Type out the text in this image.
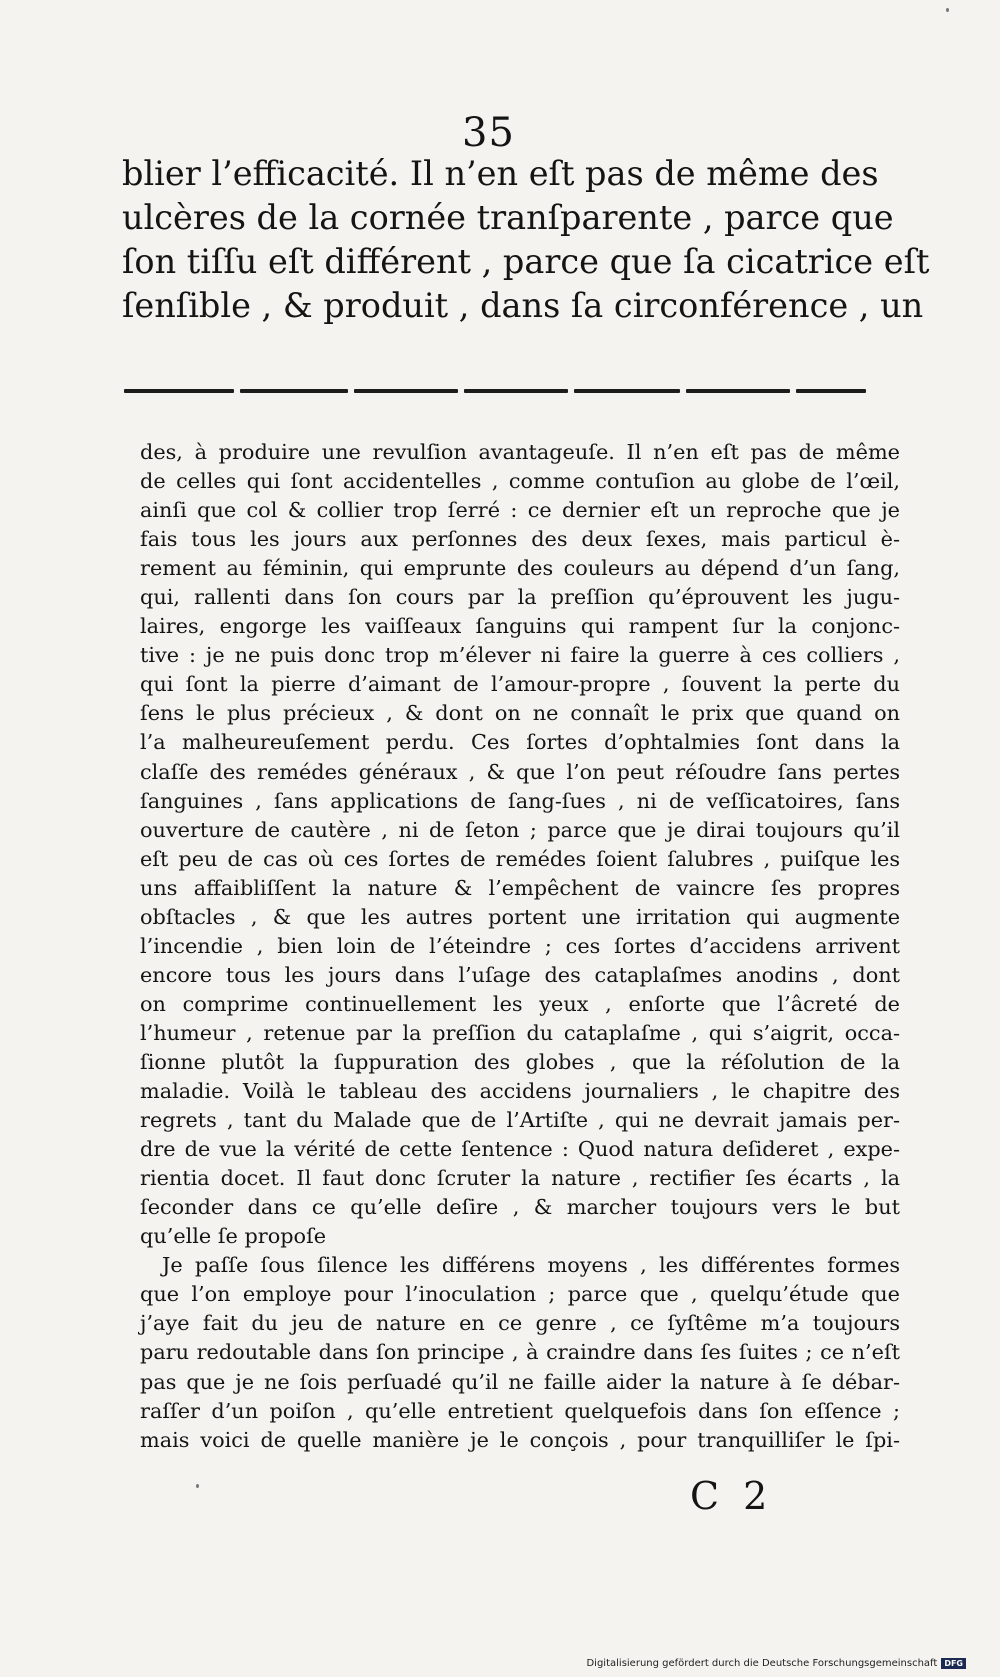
35
blier l’efficacité. Il n’en eſt pas de même des
ulcères de la cornée tranſparente , parce que
ſon tiſſu eſt différent , parce que ſa cicatrice eſt
ſenſible , & produit , dans ſa circonférence , un
des, à produire une revulſion avantageuſe. Il n’en eſt pas de même
de celles qui ſont accidentelles , comme contuſion au globe de l’œil,
ainſi que col & collier trop ſerré : ce dernier eſt un reproche que je
fais tous les jours aux perſonnes des deux ſexes, mais particul è-
rement au féminin, qui emprunte des couleurs au dépend d’un ſang,
qui, rallenti dans ſon cours par la preſſion qu’éprouvent les jugu-
laires, engorge les vaiſſeaux ſanguins qui rampent ſur la conjonc-
tive : je ne puis donc trop m’élever ni faire la guerre à ces colliers ,
qui ſont la pierre d’aimant de l’amour-propre , ſouvent la perte du
ſens le plus précieux , & dont on ne connaît le prix que quand on
l’a malheureuſement perdu. Ces ſortes d’ophtalmies ſont dans la
claſſe des remédes généraux , & que l’on peut réſoudre ſans pertes
ſanguines , ſans applications de ſang-ſues , ni de veſſicatoires, ſans
ouverture de cautère , ni de ſeton ; parce que je dirai toujours qu’il
eſt peu de cas où ces ſortes de remédes ſoient ſalubres , puiſque les
uns affaibliſſent la nature & l’empêchent de vaincre ſes propres
obſtacles , & que les autres portent une irritation qui augmente
l’incendie , bien loin de l’éteindre ; ces ſortes d’accidens arrivent
encore tous les jours dans l’uſage des cataplaſmes anodins , dont
on comprime continuellement les yeux , enſorte que l’âcreté de
l’humeur , retenue par la preſſion du cataplaſme , qui s’aigrit, occa-
ſionne plutôt la ſuppuration des globes , que la réſolution de la
maladie. Voilà le tableau des accidens journaliers , le chapitre des
regrets , tant du Malade que de l’Artiſte , qui ne devrait jamais per-
dre de vue la vérité de cette ſentence : Quod natura deſideret , expe-
rientia docet. Il faut donc ſcruter la nature , rectifier ſes écarts , la
ſeconder dans ce qu’elle deſire , & marcher toujours vers le but
qu’elle ſe propoſe
Je paſſe ſous ſilence les différens moyens , les différentes formes
que l’on employe pour l’inoculation ; parce que , quelqu’étude que
j’aye fait du jeu de nature en ce genre , ce ſyſtême m’a toujours
paru redoutable dans ſon principe , à craindre dans ſes ſuites ; ce n’eſt
pas que je ne ſois perſuadé qu’il ne faille aider la nature à ſe débar-
raſſer d’un poiſon , qu’elle entretient quelquefois dans ſon eſſence ;
mais voici de quelle manière je le conçois , pour tranquilliſer le ſpi-
C 2
Digitalisierung gefördert durch die Deutsche Forschungsgemeinschaft DFG
